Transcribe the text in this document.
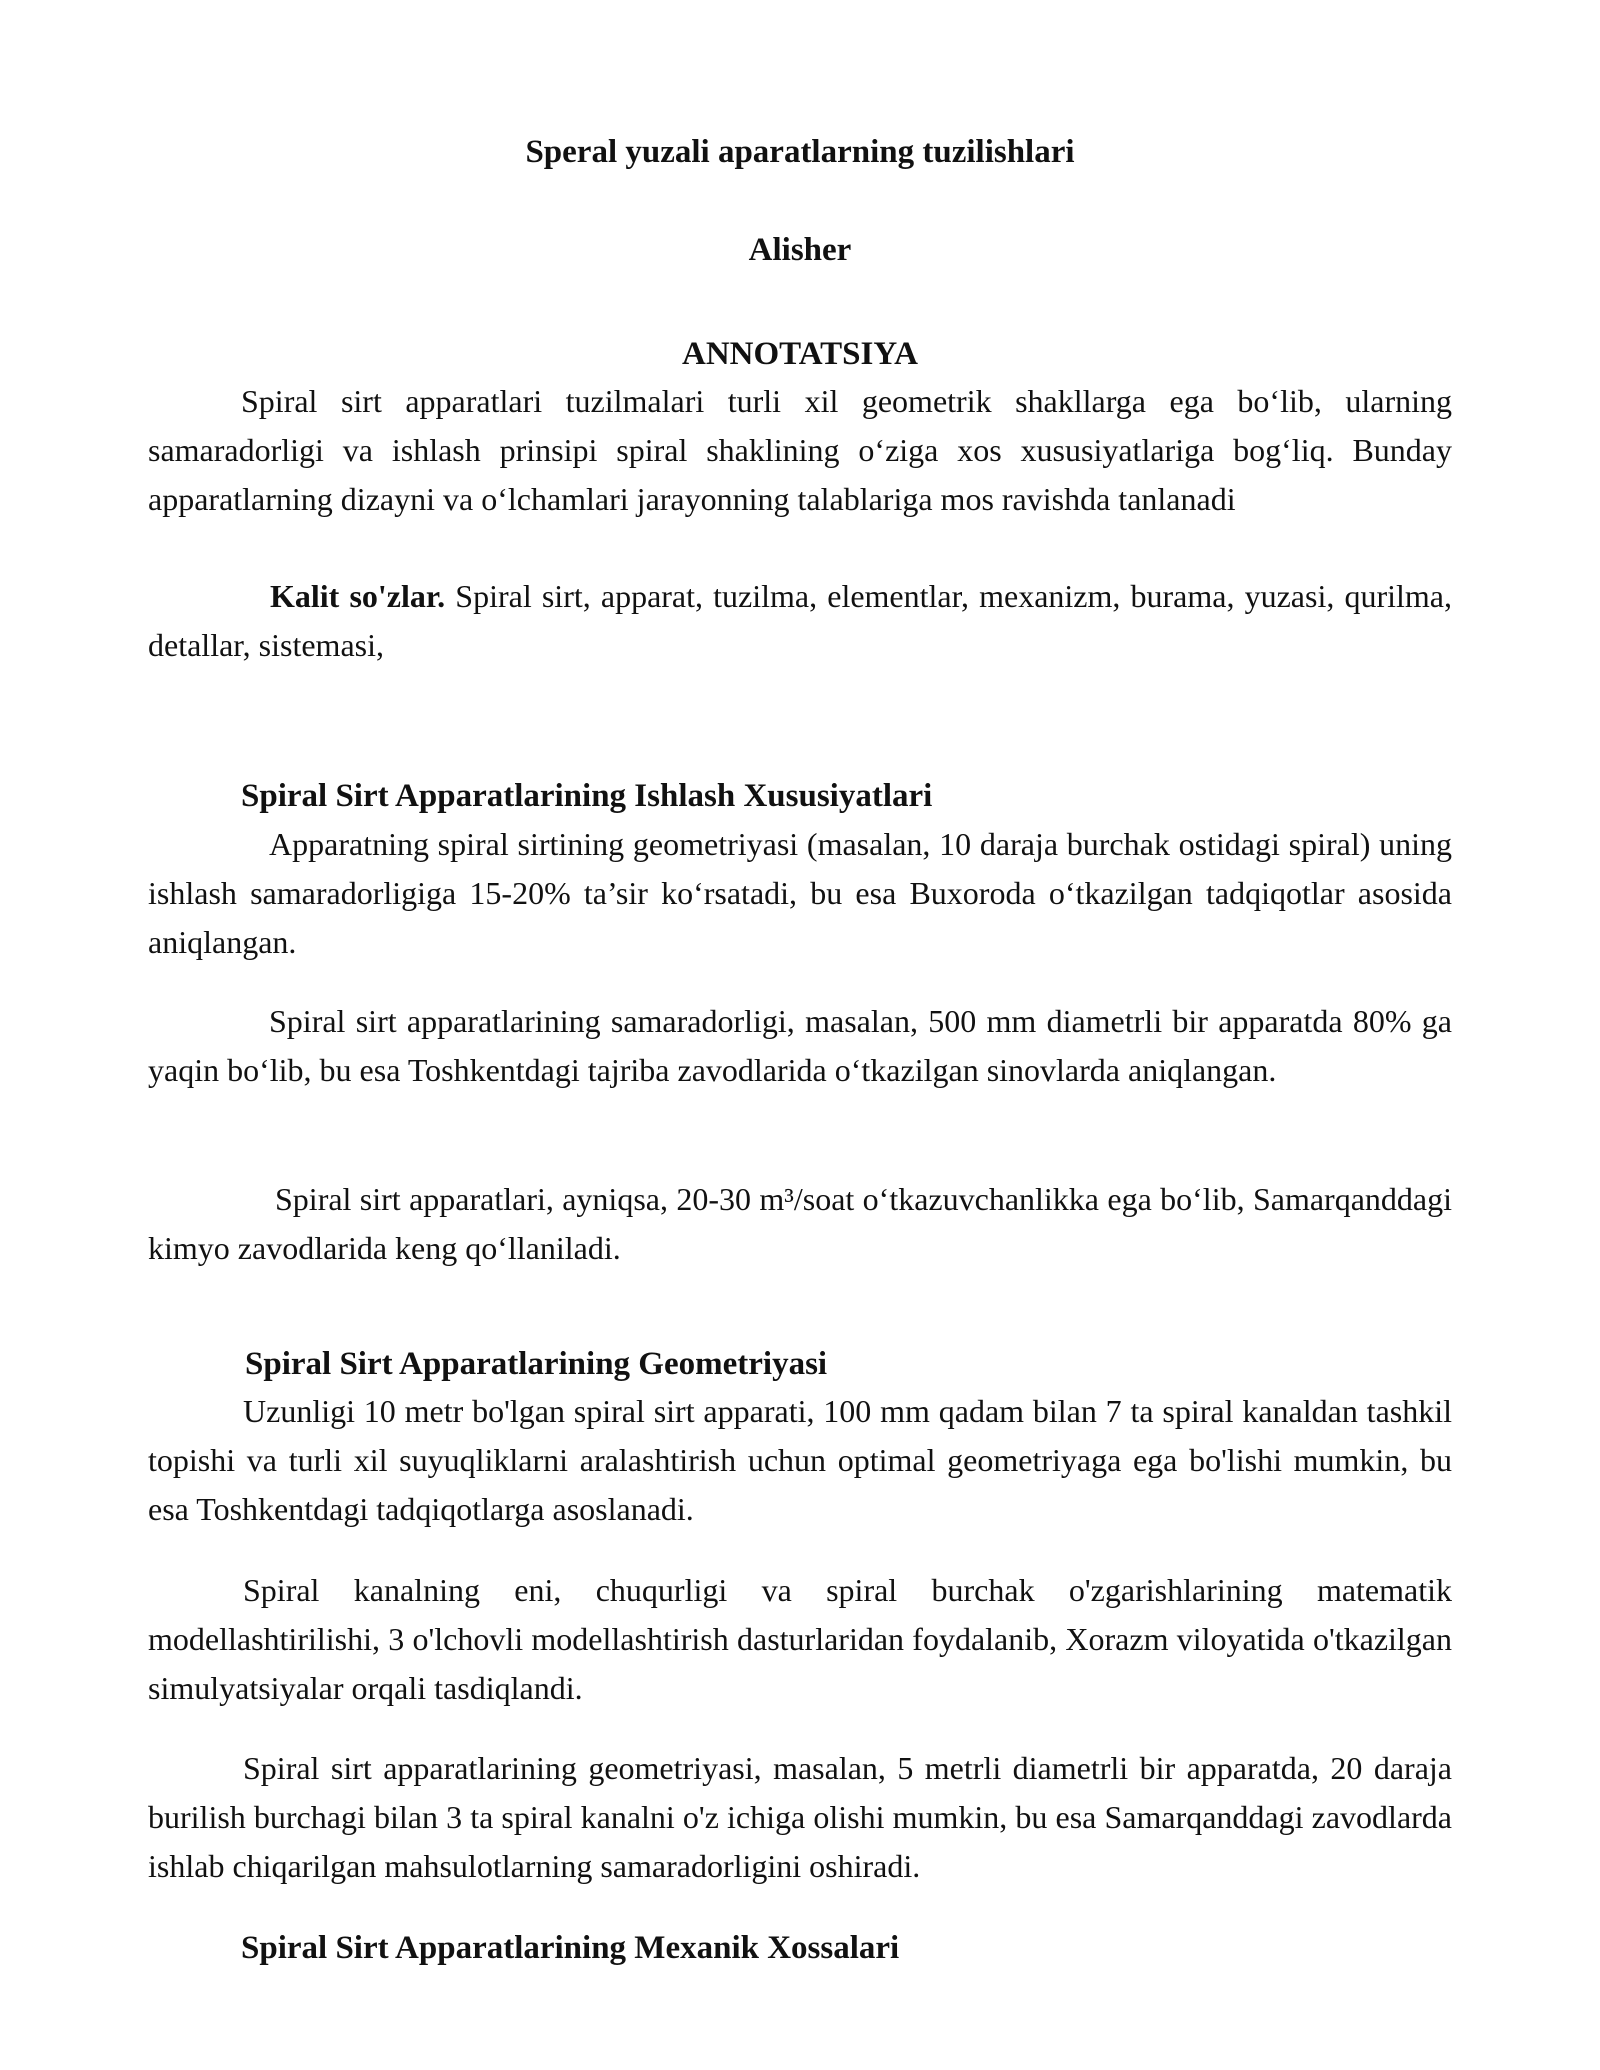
Speral yuzali aparatlarning tuzilishlari
Alisher
ANNOTATSIYA

Spiral sirt apparatlari tuzilmalari turli xil geometrik shakllarga ega bo‘lib, ularning samaradorligi va ishlash prinsipi spiral shaklining o‘ziga xos xususiyatlariga bog‘liq. Bunday apparatlarning dizayni va o‘lchamlari jarayonning talablariga mos ravishda tanlanadi

Kalit so'zlar. Spiral sirt, apparat, tuzilma, elementlar, mexanizm, burama, yuzasi, qurilma, detallar, sistemasi,

Spiral Sirt Apparatlarining Ishlash Xususiyatlari

Apparatning spiral sirtining geometriyasi (masalan, 10 daraja burchak ostidagi spiral) uning ishlash samaradorligiga 15-20% ta’sir ko‘rsatadi, bu esa Buxoroda o‘tkazilgan tadqiqotlar asosida aniqlangan.

Spiral sirt apparatlarining samaradorligi, masalan, 500 mm diametrli bir apparatda 80% ga yaqin bo‘lib, bu esa Toshkentdagi tajriba zavodlarida o‘tkazilgan sinovlarda aniqlangan.

Spiral sirt apparatlari, ayniqsa, 20-30 m³/soat o‘tkazuvchanlikka ega bo‘lib, Samarqanddagi kimyo zavodlarida keng qo‘llaniladi.

Spiral Sirt Apparatlarining Geometriyasi

Uzunligi 10 metr bo'lgan spiral sirt apparati, 100 mm qadam bilan 7 ta spiral kanaldan tashkil topishi va turli xil suyuqliklarni aralashtirish uchun optimal geometriyaga ega bo'lishi mumkin, bu esa Toshkentdagi tadqiqotlarga asoslanadi.

Spiral kanalning eni, chuqurligi va spiral burchak o'zgarishlarining matematik modellashtirilishi, 3 o'lchovli modellashtirish dasturlaridan foydalanib, Xorazm viloyatida o'tkazilgan simulyatsiyalar orqali tasdiqlandi.

Spiral sirt apparatlarining geometriyasi, masalan, 5 metrli diametrli bir apparatda, 20 daraja burilish burchagi bilan 3 ta spiral kanalni o'z ichiga olishi mumkin, bu esa Samarqanddagi zavodlarda ishlab chiqarilgan mahsulotlarning samaradorligini oshiradi.

Spiral Sirt Apparatlarining Mexanik Xossalari
